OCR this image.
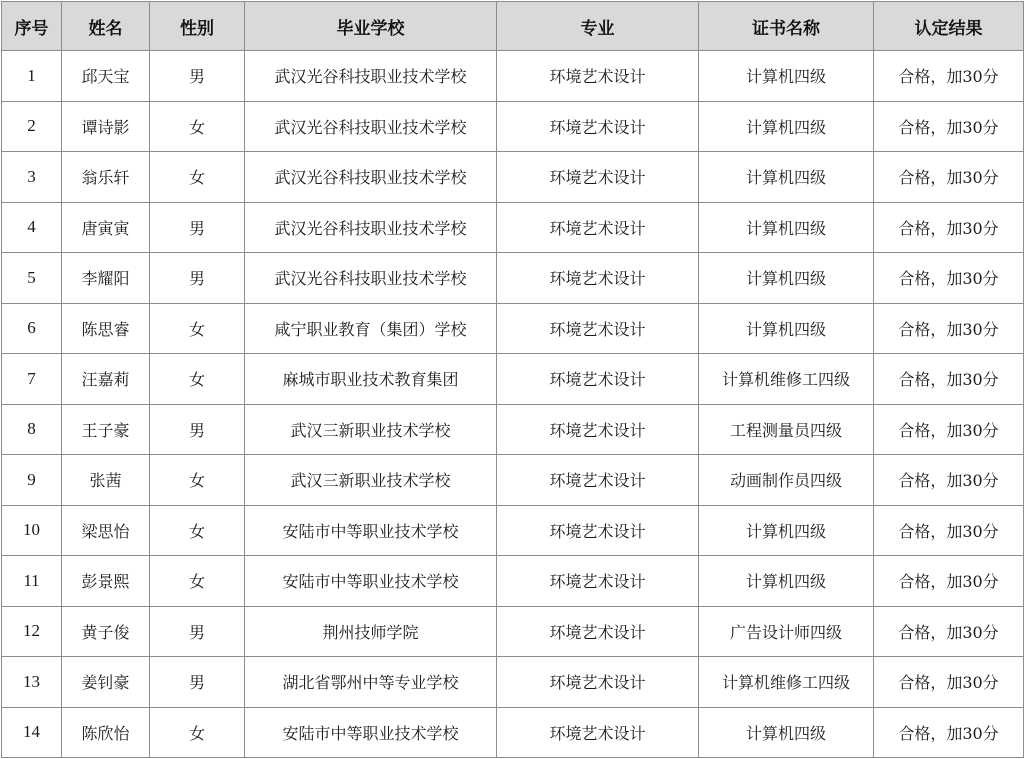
序号	姓名	性别	毕业学校	专业	证书名称	认定结果
1	邱天宝	男	武汉光谷科技职业技术学校	环境艺术设计	计算机四级	合格，加30分
2	谭诗影	女	武汉光谷科技职业技术学校	环境艺术设计	计算机四级	合格，加30分
3	翁乐轩	女	武汉光谷科技职业技术学校	环境艺术设计	计算机四级	合格，加30分
4	唐寅寅	男	武汉光谷科技职业技术学校	环境艺术设计	计算机四级	合格，加30分
5	李耀阳	男	武汉光谷科技职业技术学校	环境艺术设计	计算机四级	合格，加30分
6	陈思睿	女	咸宁职业教育（集团）学校	环境艺术设计	计算机四级	合格，加30分
7	汪嘉莉	女	麻城市职业技术教育集团	环境艺术设计	计算机维修工四级	合格，加30分
8	王子豪	男	武汉三新职业技术学校	环境艺术设计	工程测量员四级	合格，加30分
9	张茜	女	武汉三新职业技术学校	环境艺术设计	动画制作员四级	合格，加30分
10	梁思怡	女	安陆市中等职业技术学校	环境艺术设计	计算机四级	合格，加30分
11	彭景熙	女	安陆市中等职业技术学校	环境艺术设计	计算机四级	合格，加30分
12	黄子俊	男	荆州技师学院	环境艺术设计	广告设计师四级	合格，加30分
13	姜钊豪	男	湖北省鄂州中等专业学校	环境艺术设计	计算机维修工四级	合格，加30分
14	陈欣怡	女	安陆市中等职业技术学校	环境艺术设计	计算机四级	合格，加30分
